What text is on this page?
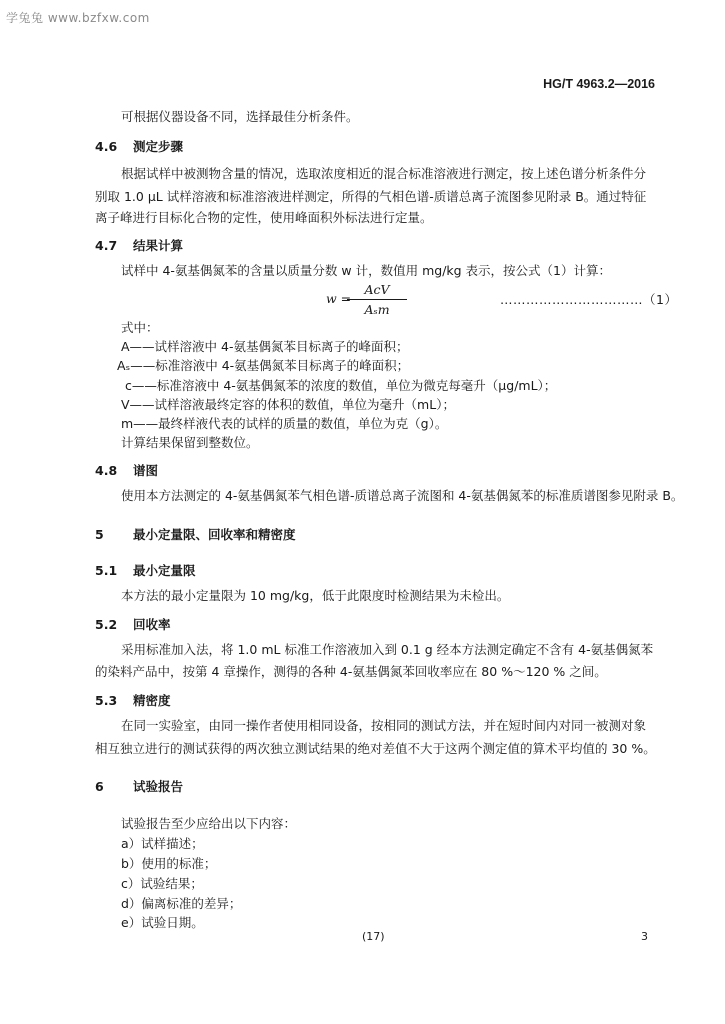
学兔兔 www.bzfxw.com
HG/T 4963.2—2016
可根据仪器设备不同，选择最佳分析条件。
4.6 测定步骤
根据试样中被测物含量的情况，选取浓度相近的混合标准溶液进行测定，按上述色谱分析条件分
别取 1.0 μL 试样溶液和标准溶液进样测定，所得的气相色谱-质谱总离子流图参见附录 B。通过特征
离子峰进行目标化合物的定性，使用峰面积外标法进行定量。
4.7 结果计算
试样中 4-氨基偶氮苯的含量以质量分数 w 计，数值用 mg/kg 表示，按公式（1）计算：
w =
AcV
Aₛm
……………………………（1）
式中：
A——试样溶液中 4-氨基偶氮苯目标离子的峰面积；
Aₛ——标准溶液中 4-氨基偶氮苯目标离子的峰面积；
c——标准溶液中 4-氨基偶氮苯的浓度的数值，单位为微克每毫升（μg/mL）；
V——试样溶液最终定容的体积的数值，单位为毫升（mL）；
m——最终样液代表的试样的质量的数值，单位为克（g）。
计算结果保留到整数位。
4.8 谱图
使用本方法测定的 4-氨基偶氮苯气相色谱-质谱总离子流图和 4-氨基偶氮苯的标准质谱图参见附录 B。
5 最小定量限、回收率和精密度
5.1 最小定量限
本方法的最小定量限为 10 mg/kg，低于此限度时检测结果为未检出。
5.2 回收率
采用标准加入法，将 1.0 mL 标准工作溶液加入到 0.1 g 经本方法测定确定不含有 4-氨基偶氮苯
的染料产品中，按第 4 章操作，测得的各种 4-氨基偶氮苯回收率应在 80 %～120 % 之间。
5.3 精密度
在同一实验室，由同一操作者使用相同设备，按相同的测试方法，并在短时间内对同一被测对象
相互独立进行的测试获得的两次独立测试结果的绝对差值不大于这两个测定值的算术平均值的 30 %。
6 试验报告
试验报告至少应给出以下内容：
a）试样描述；
b）使用的标准；
c）试验结果；
d）偏离标准的差异；
e）试验日期。
(17)	3
